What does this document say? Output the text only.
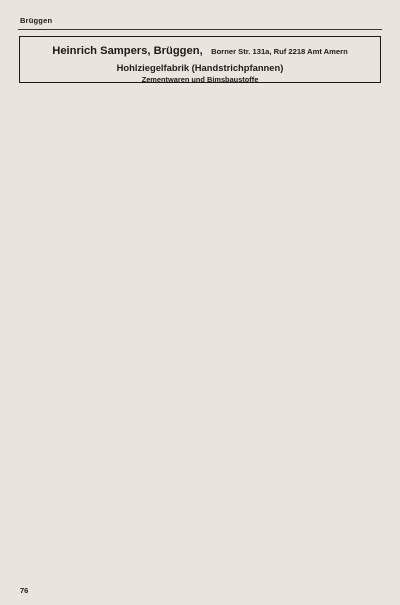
Brüggen
Heinrich Sampers, Brüggen, Borner Str. 131a, Ruf 2218 Amt Amern
Hohlziegelfabrik (Handstrichpfannen)
Zementwaren und Bimsbaustoffe
76
